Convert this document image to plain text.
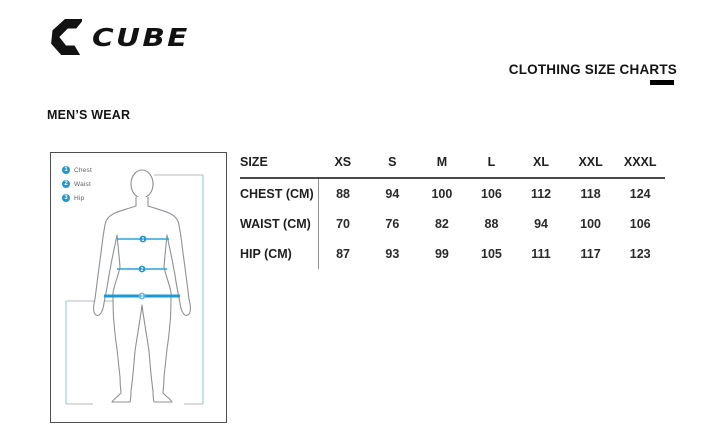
CUBE
CLOTHING SIZE CHARTS
MEN’S WEAR
1
2
3
1 Chest
2 Waist
3 Hip
SIZE	XS	S	M	L	XL	XXL	XXXL
CHEST (CM)	88	94	100	106	112	118	124
WAIST (CM)	70	76	82	88	94	100	106
HIP (CM)	87	93	99	105	111	117	123
